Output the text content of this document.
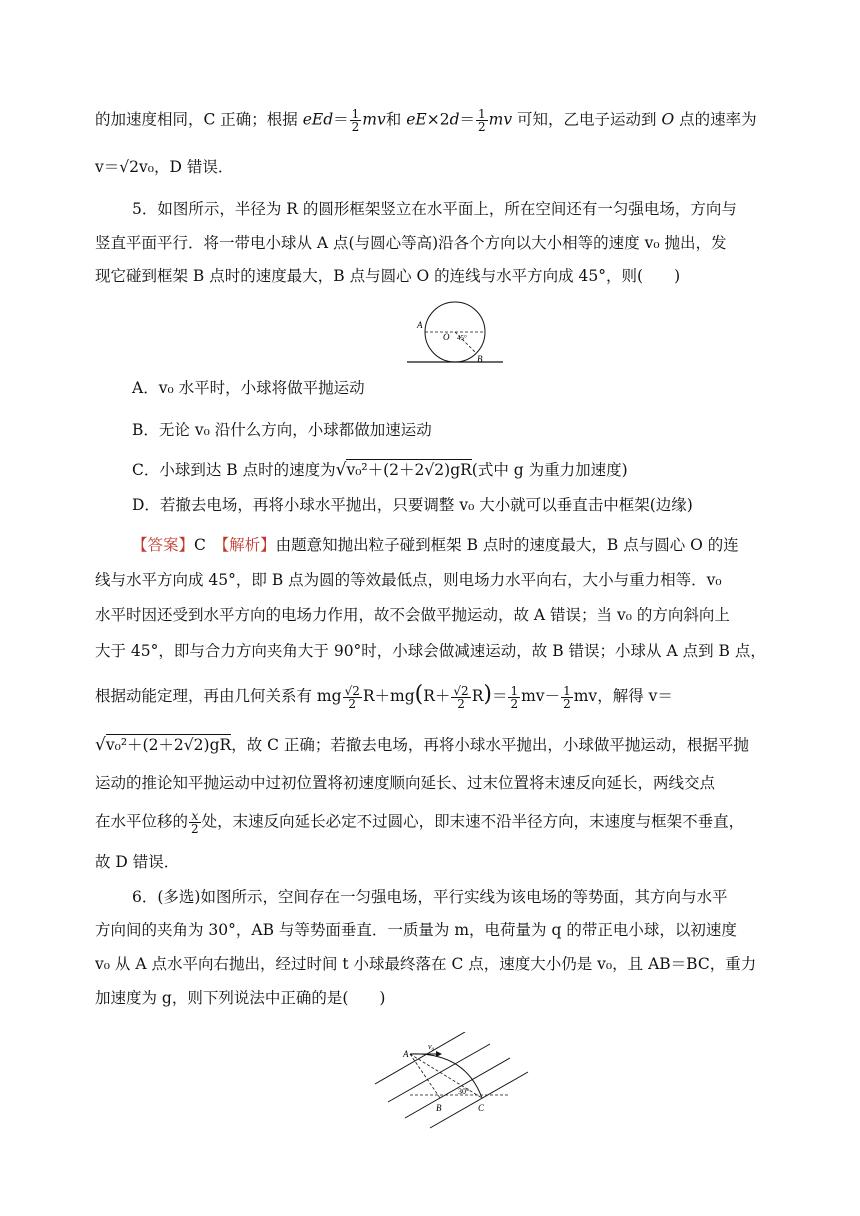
的加速度相同，C 正确；根据 $eEd= \frac{1}{2}$ mv和 $eE\times 2d= \frac{1}{2}$ mv 可知，乙电子运动到 O 点的速率为
v＝√2v₀，D 错误．
5．如图所示，半径为 R 的圆形框架竖立在水平面上，所在空间还有一匀强电场，方向与
竖直平面平行．将一带电小球从 A 点(与圆心等高)沿各个方向以大小相等的速度 v₀ 抛出，发
现它碰到框架 B 点时的速度最大，B 点与圆心 O 的连线与水平方向成 45°，则(　　)
A
O 45°
B
A．v₀ 水平时，小球将做平抛运动
B．无论 v₀ 沿什么方向，小球都做加速运动
C．小球到达 B 点时的速度为√v₀²＋(2＋2√2)gR(式中 g 为重力加速度)
D．若撤去电场，再将小球水平抛出，只要调整 v₀ 大小就可以垂直击中框架(边缘)
【答案】C　 【解析】由题意知抛出粒子碰到框架 B 点时的速度最大，B 点与圆心 O 的连
线与水平方向成 45°，即 B 点为圆的等效最低点，则电场力水平向右，大小与重力相等．v₀
水平时因还受到水平方向的电场力作用，故不会做平抛运动，故 A 错误；当 v₀ 的方向斜向上
大于 45°，即与合力方向夹角大于 90°时，小球会做减速运动，故 B 错误；小球从 A 点到 B 点，
根据动能定理，再由几何关系有 mg $\frac{√2}{2} R+mg(R+ \frac{√2}{2} R)= \frac{1}{2} mv- \frac{1}{2}$ mv，解得 v＝
√v₀²＋(2＋2√2)gR，故 C 正确；若撤去电场，再将小球水平抛出，小球做平抛运动，根据平抛
运动的推论知平抛运动中过初位置将初速度顺向延长、过末位置将末速反向延长，两线交点
在水平位移的 $\frac{x}{2}$ 处，末速反向延长必定不过圆心，即末速不沿半径方向，末速度与框架不垂直，
故 D 错误．
6．(多选)如图所示，空间存在一匀强电场，平行实线为该电场的等势面，其方向与水平
方向间的夹角为 30°，AB 与等势面垂直．一质量为 m，电荷量为 q 的带正电小球，以初速度
v₀ 从 A 点水平向右抛出，经过时间 t 小球最终落在 C 点，速度大小仍是 v₀，且 AB＝BC，重力
加速度为 g，则下列说法中正确的是(　　)
A
v₀
30°
B	C
